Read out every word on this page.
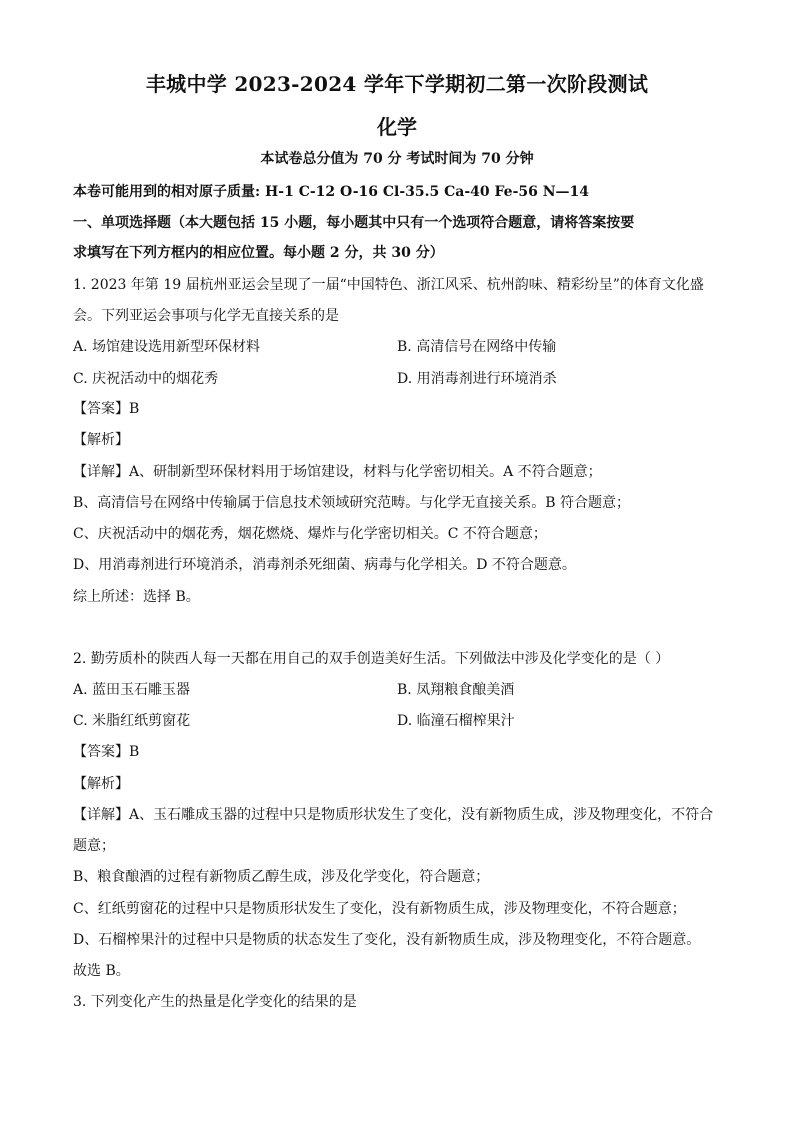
丰城中学 2023-2024 学年下学期初二第一次阶段测试
化学
本试卷总分值为 70 分 考试时间为 70 分钟
本卷可能用到的相对原子质量: H-1 C-12 O-16 Cl-35.5 Ca-40 Fe-56 N—14
一、单项选择题（本大题包括 15 小题，每小题其中只有一个选项符合题意，请将答案按要
求填写在下列方框内的相应位置。每小题 2 分，共 30 分）
1. 2023 年第 19 届杭州亚运会呈现了一届“中国特色、浙江风采、杭州韵味、精彩纷呈”的体育文化盛
会。下列亚运会事项与化学无直接关系的是
A. 场馆建设选用新型环保材料	B. 高清信号在网络中传输
C. 庆祝活动中的烟花秀	D. 用消毒剂进行环境消杀
【答案】B
【解析】
【详解】A、研制新型环保材料用于场馆建设，材料与化学密切相关。A 不符合题意；
B、高清信号在网络中传输属于信息技术领域研究范畴。与化学无直接关系。B 符合题意；
C、庆祝活动中的烟花秀，烟花燃烧、爆炸与化学密切相关。C 不符合题意；
D、用消毒剂进行环境消杀，消毒剂杀死细菌、病毒与化学相关。D 不符合题意。
综上所述：选择 B。
2. 勤劳质朴的陕西人每一天都在用自己的双手创造美好生活。下列做法中涉及化学变化的是（ ）
A. 蓝田玉石雕玉器	B. 凤翔粮食酿美酒
C. 米脂红纸剪窗花	D. 临潼石榴榨果汁
【答案】B
【解析】
【详解】A、玉石雕成玉器的过程中只是物质形状发生了变化，没有新物质生成，涉及物理变化，不符合
题意；
B、粮食酿酒的过程有新物质乙醇生成，涉及化学变化，符合题意；
C、红纸剪窗花的过程中只是物质形状发生了变化，没有新物质生成，涉及物理变化，不符合题意；
D、石榴榨果汁的过程中只是物质的状态发生了变化，没有新物质生成，涉及物理变化，不符合题意。
故选 B。
3. 下列变化产生的热量是化学变化的结果的是
